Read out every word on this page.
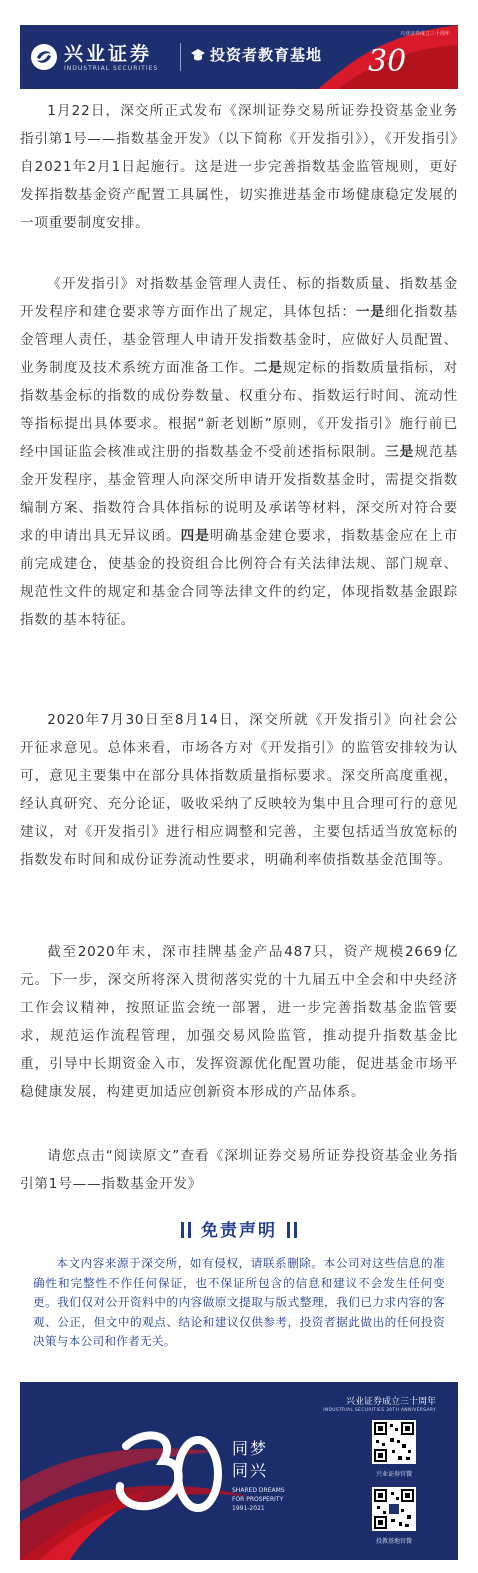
兴业证券
INDUSTRIAL SECURITIES
投资者教育基地 30
兴业证券成立三十周年

1月22日，深交所正式发布《深圳证券交易所证券投资基金业务指引第1号——指数基金开发》（以下简称《开发指引》），《开发指引》自2021年2月1日起施行。这是进一步完善指数基金监管规则，更好发挥指数基金资产配置工具属性，切实推进基金市场健康稳定发展的一项重要制度安排。

《开发指引》对指数基金管理人责任、标的指数质量、指数基金开发程序和建仓要求等方面作出了规定，具体包括：一是细化指数基金管理人责任，基金管理人申请开发指数基金时，应做好人员配置、业务制度及技术系统方面准备工作。二是规定标的指数质量指标，对指数基金标的指数的成份券数量、权重分布、指数运行时间、流动性等指标提出具体要求。根据“新老划断”原则，《开发指引》施行前已经中国证监会核准或注册的指数基金不受前述指标限制。三是规范基金开发程序，基金管理人向深交所申请开发指数基金时，需提交指数编制方案、指数符合具体指标的说明及承诺等材料，深交所对符合要求的申请出具无异议函。四是明确基金建仓要求，指数基金应在上市前完成建仓，使基金的投资组合比例符合有关法律法规、部门规章、规范性文件的规定和基金合同等法律文件的约定，体现指数基金跟踪指数的基本特征。

2020年7月30日至8月14日，深交所就《开发指引》向社会公开征求意见。总体来看，市场各方对《开发指引》的监管安排较为认可，意见主要集中在部分具体指数质量指标要求。深交所高度重视，经认真研究、充分论证，吸收采纳了反映较为集中且合理可行的意见建议，对《开发指引》进行相应调整和完善，主要包括适当放宽标的指数发布时间和成份证券流动性要求，明确利率债指数基金范围等。

截至2020年末，深市挂牌基金产品487只，资产规模2669亿元。下一步，深交所将深入贯彻落实党的十九届五中全会和中央经济工作会议精神，按照证监会统一部署，进一步完善指数基金监管要求，规范运作流程管理，加强交易风险监管，推动提升指数基金比重，引导中长期资金入市，发挥资源优化配置功能，促进基金市场平稳健康发展，构建更加适应创新资本形成的产品体系。

请您点击“阅读原文”查看《深圳证券交易所证券投资基金业务指引第1号——指数基金开发》

免责声明

本文内容来源于深交所，如有侵权，请联系删除。本公司对这些信息的准确性和完整性不作任何保证，也不保证所包含的信息和建议不会发生任何变更。我们仅对公开资料中的内容做原文提取与版式整理，我们已力求内容的客观、公正，但文中的观点、结论和建议仅供参考，投资者据此做出的任何投资决策与本公司和作者无关。

同梦
同兴
SHARED DREAMS
FOR PROSPERITY
1991-2021
兴业证券成立三十周年
INDUSTRIAL SECURITIES 30TH ANNIVERSARY
兴业证券官微
投教基地官微
